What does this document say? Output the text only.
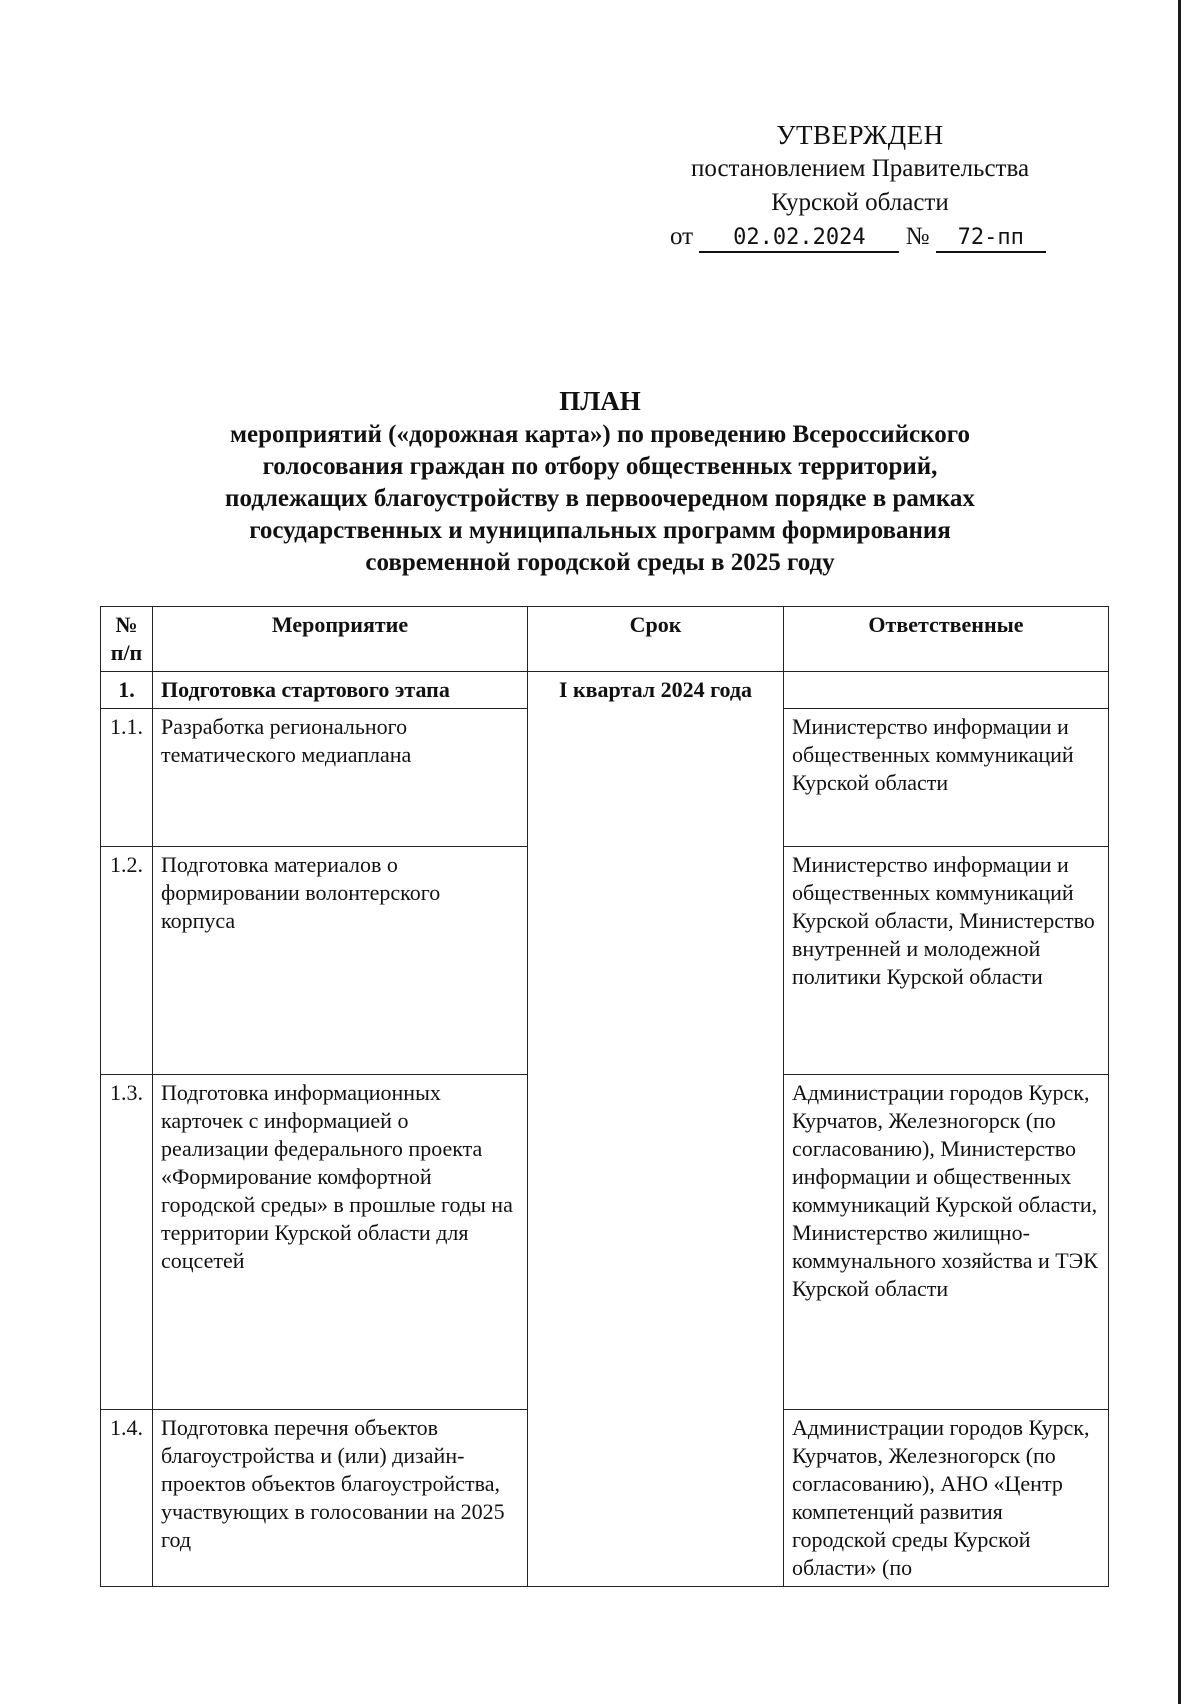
УТВЕРЖДЕН
постановлением Правительства
Курской области
от 02.02.2024 № 72-пп
ПЛАН
мероприятий («дорожная карта») по проведению Всероссийского
голосования граждан по отбору общественных территорий,
подлежащих благоустройству в первоочередном порядке в рамках
государственных и муниципальных программ формирования
современной городской среды в 2025 году
№ п/п	Мероприятие	Срок	Ответственные
1.	Подготовка стартового этапа	I квартал 2024 года	
1.1.	Разработка регионального тематического медиаплана		Министерство информации и общественных коммуникаций Курской области
1.2.	Подготовка материалов о формировании волонтерского корпуса		Министерство информации и общественных коммуникаций Курской области, Министерство внутренней и молодежной политики Курской области
1.3.	Подготовка информационных карточек с информацией о реализации федерального проекта «Формирование комфортной городской среды» в прошлые годы на территории Курской области для соцсетей		Администрации городов Курск, Курчатов, Железногорск (по согласованию), Министерство информации и общественных коммуникаций Курской области, Министерство жилищно-коммунального хозяйства и ТЭК Курской области
1.4.	Подготовка перечня объектов благоустройства и (или) дизайн-проектов объектов благоустройства, участвующих в голосовании на 2025 год		Администрации городов Курск, Курчатов, Железногорск (по согласованию), АНО «Центр компетенций развития городской среды Курской области» (по
